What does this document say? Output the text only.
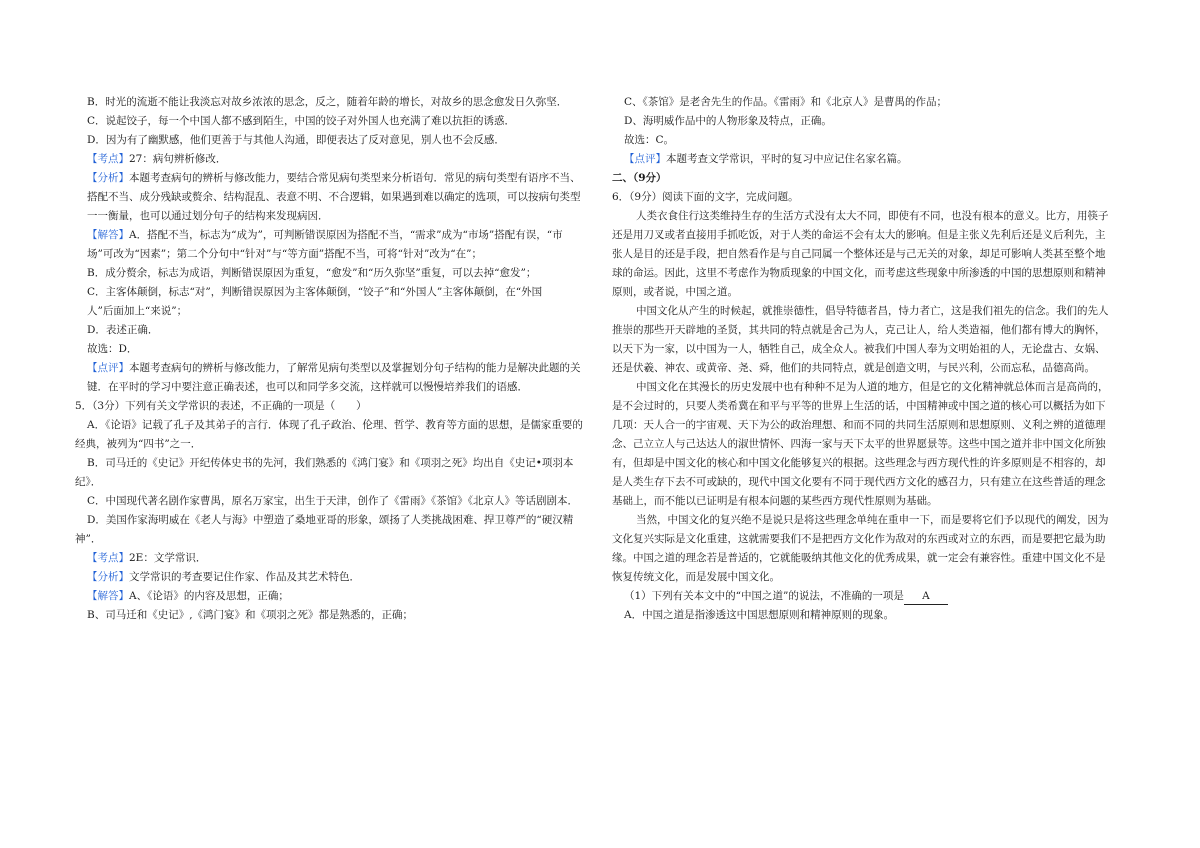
B．时光的流逝不能让我淡忘对故乡浓浓的思念，反之，随着年龄的增长，对故乡的思念愈发日久弥坚．
C．说起饺子，每一个中国人都不感到陌生，中国的饺子对外国人也充满了难以抗拒的诱惑．
D．因为有了幽默感，他们更善于与其他人沟通，即便表达了反对意见，别人也不会反感．
【考点】27：病句辨析修改．
【分析】本题考查病句的辨析与修改能力，要结合常见病句类型来分析语句．常见的病句类型有语序不当、
搭配不当、成分残缺或赘余、结构混乱、表意不明、不合逻辑，如果遇到难以确定的选项，可以按病句类型
一一衡量，也可以通过划分句子的结构来发现病因．
【解答】A．搭配不当，标志为“成为”，可判断错误原因为搭配不当，“需求”成为“市场”搭配有误，“市
场”可改为“因素”；第二个分句中“针对”与“等方面”搭配不当，可将“针对”改为“在”；
B．成分赘余，标志为成语，判断错误原因为重复，“愈发”和“历久弥坚”重复，可以去掉“愈发”；
C．主客体颠倒，标志“对”，判断错误原因为主客体颠倒，“饺子”和“外国人”主客体颠倒，在“外国
人”后面加上“来说”；
D．表述正确．
故选：D．
【点评】本题考查病句的辨析与修改能力，了解常见病句类型以及掌握划分句子结构的能力是解决此题的关
键．在平时的学习中要注意正确表述，也可以和同学多交流，这样就可以慢慢培养我们的语感．
5．（3分）下列有关文学常识的表述，不正确的一项是（　　）
A．《论语》记载了孔子及其弟子的言行．体现了孔子政治、伦理、哲学、教育等方面的思想，是儒家重要的
经典，被列为“四书”之一．
B．司马迁的《史记》开纪传体史书的先河，我们熟悉的《鸿门宴》和《项羽之死》均出自《史记•项羽本
纪》．
C．中国现代著名剧作家曹禺，原名万家宝，出生于天津，创作了《雷雨》《茶馆》《北京人》等话剧剧本．
D．美国作家海明威在《老人与海》中塑造了桑地亚哥的形象，颂扬了人类挑战困难、捍卫尊严的“硬汉精
神”．
【考点】2E：文学常识．
【分析】文学常识的考查要记住作家、作品及其艺术特色．
【解答】A、《论语》的内容及思想，正确；
B、司马迁和《史记》,《鸿门宴》和《项羽之死》都是熟悉的，正确；
C、《茶馆》是老舍先生的作品。《雷雨》和《北京人》是曹禺的作品；
D、海明威作品中的人物形象及特点，正确。
故选：C。
【点评】本题考查文学常识，平时的复习中应记住名家名篇。
二、（9分）
6．（9分）阅读下面的文字，完成问题。
人类衣食住行这类维持生存的生活方式没有太大不同，即使有不同，也没有根本的意义。比方，用筷子
还是用刀叉或者直接用手抓吃饭，对于人类的命运不会有太大的影响。但是主张义先利后还是义后利先，主
张人是目的还是手段，把自然看作是与自己同属一个整体还是与己无关的对象，却足可影响人类甚至整个地
球的命运。因此，这里不考虑作为物质现象的中国文化，而考虑这些现象中所渗透的中国的思想原则和精神
原则，或者说，中国之道。
中国文化从产生的时候起，就推崇德性，倡导特德者昌，恃力者亡，这是我们祖先的信念。我们的先人
推崇的那些开天辟地的圣贤，其共同的特点就是舍己为人，克己让人，给人类造福，他们都有博大的胸怀，
以天下为一家，以中国为一人，牺牲自己，成全众人。被我们中国人奉为文明始祖的人，无论盘古、女娲、
还是伏羲、神农、或黄帝、尧、舜，他们的共同特点，就是创造文明，与民兴利，公而忘私，品德高尚。
中国文化在其漫长的历史发展中也有种种不足为人道的地方，但是它的文化精神就总体而言是高尚的，
是不会过时的，只要人类希冀在和平与平等的世界上生活的话，中国精神或中国之道的核心可以概括为如下
几项：天人合一的宇宙观、天下为公的政治理想、和而不同的共同生活原则和思想原则、义利之辨的道德理
念、己立立人与己达达人的淑世情怀、四海一家与天下太平的世界愿景等。这些中国之道并非中国文化所独
有，但却是中国文化的核心和中国文化能够复兴的根据。这些理念与西方现代性的许多原则是不相容的，却
是人类生存下去不可或缺的，现代中国文化要有不同于现代西方文化的感召力，只有建立在这些普适的理念
基础上，而不能以已证明是有根本问题的某些西方现代性原则为基础。
当然，中国文化的复兴绝不是说只是将这些理念单纯在重申一下，而是要将它们予以现代的阐发，因为
文化复兴实际是文化重建，这就需要我们不是把西方文化作为敌对的东西或对立的东西，而是要把它最为助
缘。中国之道的理念若是普适的，它就能吸纳其他文化的优秀成果，就一定会有兼容性。重建中国文化不是
恢复传统文化，而是发展中国文化。
（1）下列有关本文中的“中国之道”的说法，不准确的一项是 A
A．中国之道是指渗透这中国思想原则和精神原则的现象。
